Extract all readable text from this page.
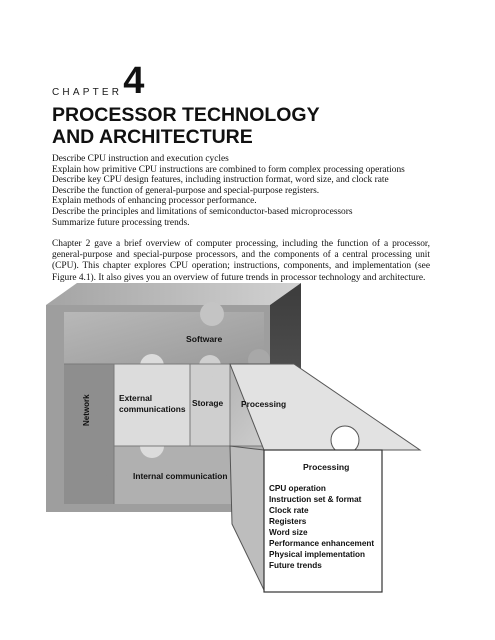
CHAPTER 4
PROCESSOR TECHNOLOGY
AND ARCHITECTURE
Describe CPU instruction and execution cycles
Explain how primitive CPU instructions are combined to form complex processing operations
Describe key CPU design features, including instruction format, word size, and clock rate
Describe the function of general-purpose and special-purpose registers.
Explain methods of enhancing processor performance.
Describe the principles and limitations of semiconductor-based microprocessors
Summarize future processing trends.

Chapter 2 gave a brief overview of computer processing, including the function of a processor, general-purpose and special-purpose processors, and the components of a central processing unit (CPU). This chapter explores CPU operation; instructions, components, and implementation (see Figure 4.1). It also gives you an overview of future trends in processor technology and architecture.

Software
Network	External
communications
Storage Processing
Internal communication
Processing
CPU operation
Instruction set & format
Clock rate
Registers
Word size
Performance enhancement
Physical implementation
Future trends
